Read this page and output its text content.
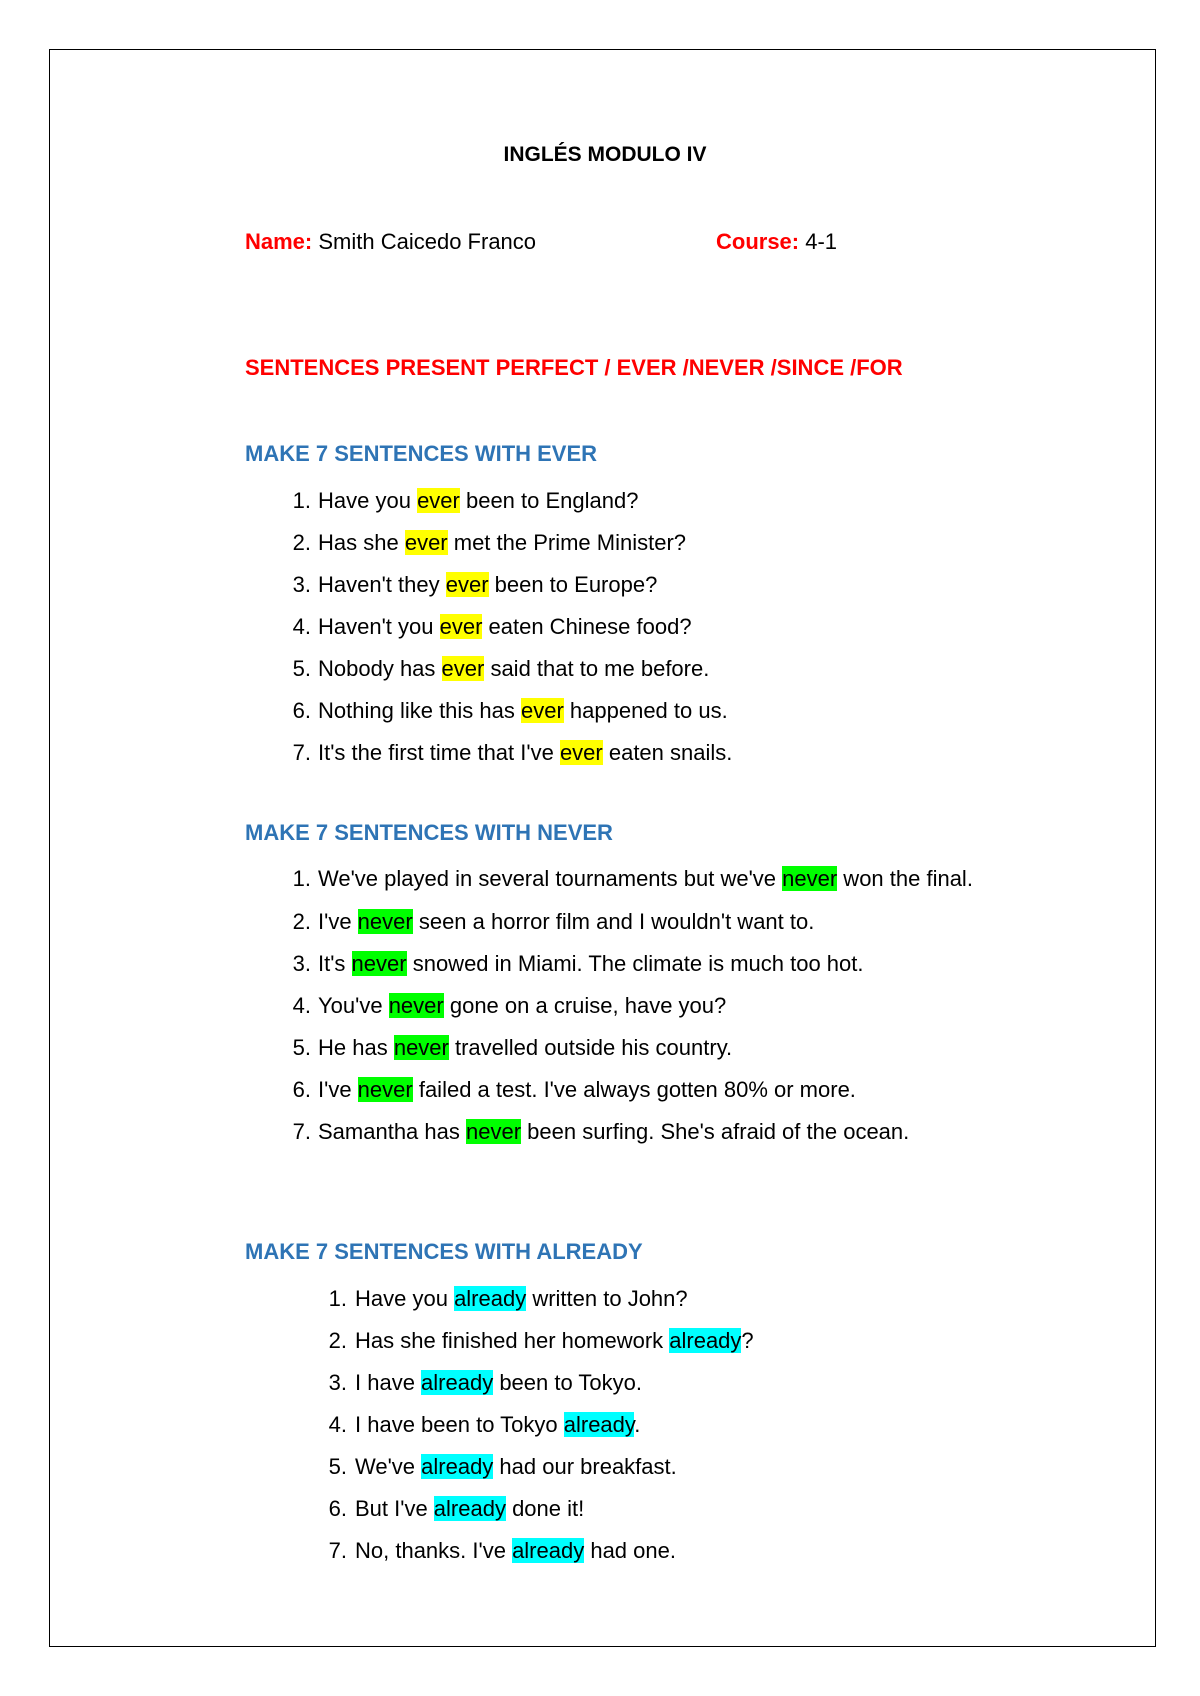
INGLÉS MODULO IV
Name: Smith Caicedo Franco	Course: 4-1
SENTENCES PRESENT PERFECT / EVER /NEVER /SINCE /FOR
MAKE 7 SENTENCES WITH EVER
1. Have you ever been to England?
2. Has she ever met the Prime Minister?
3. Haven't they ever been to Europe?
4. Haven't you ever eaten Chinese food?
5. Nobody has ever said that to me before.
6. Nothing like this has ever happened to us.
7. It's the first time that I've ever eaten snails.
MAKE 7 SENTENCES WITH NEVER
1. We've played in several tournaments but we've never won the final.
2. I've never seen a horror film and I wouldn't want to.
3. It's never snowed in Miami. The climate is much too hot.
4. You've never gone on a cruise, have you?
5. He has never travelled outside his country.
6. I've never failed a test. I've always gotten 80% or more.
7. Samantha has never been surfing. She's afraid of the ocean.
MAKE 7 SENTENCES WITH ALREADY
1. Have you already written to John?
2. Has she finished her homework already?
3. I have already been to Tokyo.
4. I have been to Tokyo already.
5. We've already had our breakfast.
6. But I've already done it!
7. No, thanks. I've already had one.
